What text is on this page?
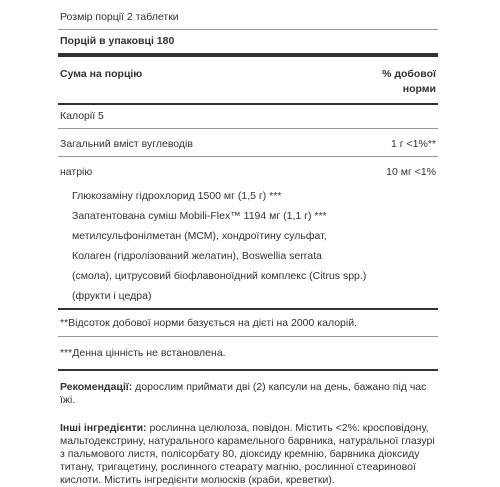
Розмір порції 2 таблетки
Порцій в упаковці 180
Сума на порцію	% добової
норми
Калорії 5
Загальний вміст вуглеводів	1 г <1%**
натрію	10 мг <1%
Глюкозаміну гідрохлорид 1500 мг (1,5 г) ***
Запатентована суміш Mobili-Flex™ 1194 мг (1,1 г) ***
метилсульфонілметан (МСМ), хондроїтину сульфат,
Колаген (гідролізований желатин), Boswellia serrata
(смола), цитрусовий біофлавоноїдний комплекс (Citrus spp.)
(фрукти і цедра)
**Відсоток добової норми базується на дієті на 2000 калорій.
***Денна цінність не встановлена.
Рекомендації: дорослим приймати дві (2) капсули на день, бажано під час їжі.
Інші інгредієнти: рослинна целюлоза, повідон. Містить <2%: кросповідону, мальтодекстрину, натурального карамельного барвника, натуральної глазурі з пальмового листя, полісорбату 80, діоксиду кремнію, барвника діоксиду титану, тригацетину, рослинного стеарату магнію, рослинної стеаринової кислоти. Містить інгредієнти молюсків (краби, креветки).
